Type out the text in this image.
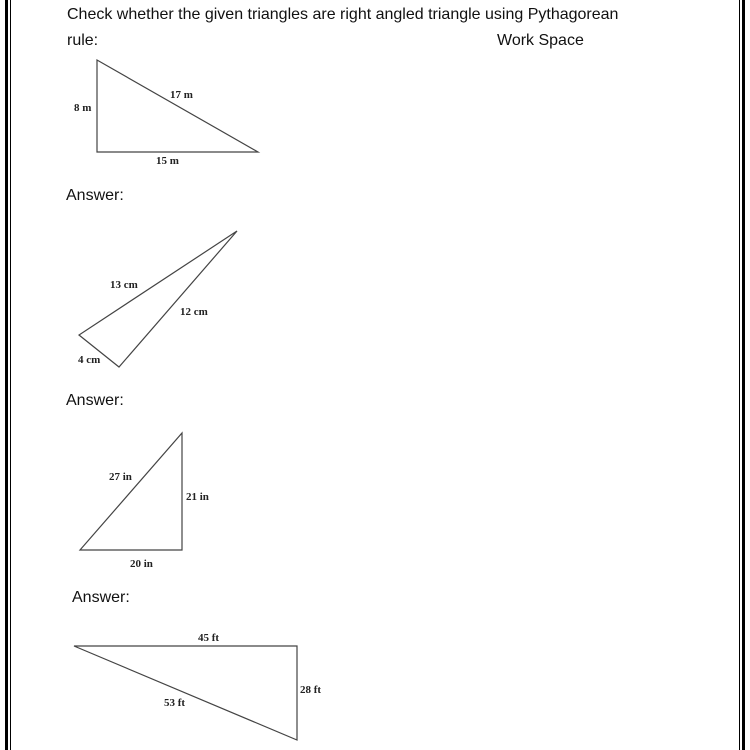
Check whether the given triangles are right angled triangle using Pythagorean
rule:	Work Space
Answer:
Answer:
Answer:
8 m
15 m
17 m
4 cm
12 cm
13 cm
20 in
21 in
27 in
28 ft
45 ft
53 ft
